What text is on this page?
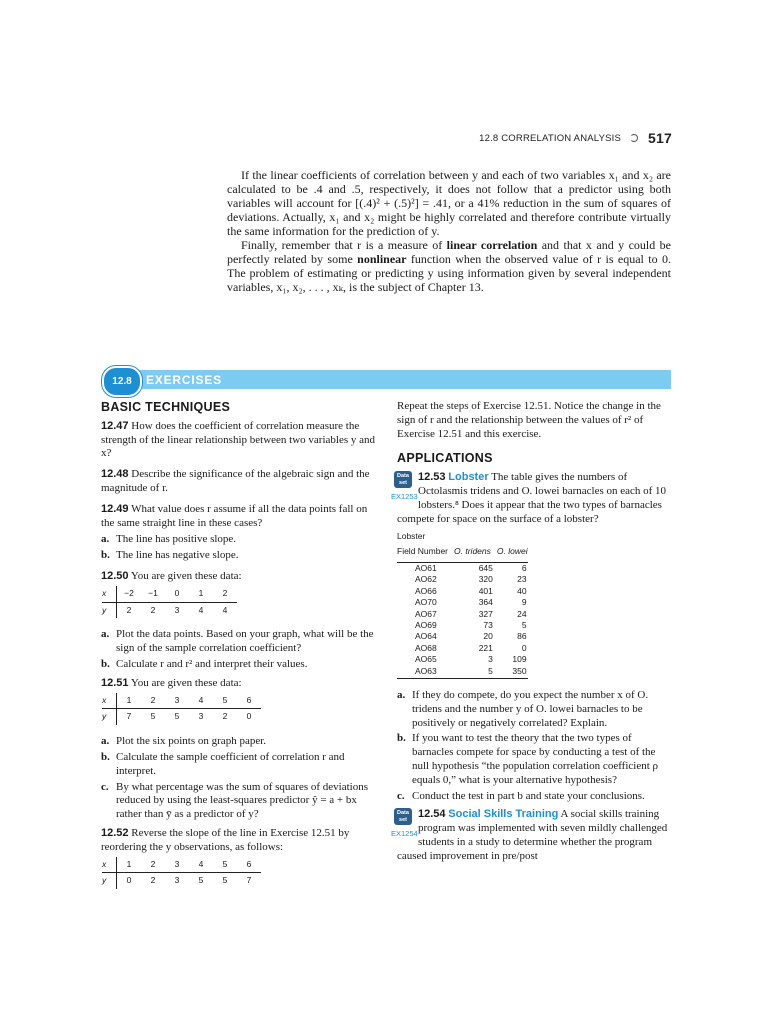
12.8 CORRELATION ANALYSIS 517

If the linear coefficients of correlation between y and each of two variables x₁ and x₂ are calculated to be .4 and .5, respectively, it does not follow that a predictor using both variables will account for [(.4)² + (.5)²] = .41, or a 41% reduction in the sum of squares of deviations. Actually, x₁ and x₂ might be highly correlated and therefore contribute virtually the same information for the prediction of y.

Finally, remember that r is a measure of linear correlation and that x and y could be perfectly related by some nonlinear function when the observed value of r is equal to 0. The problem of estimating or predicting y using information given by several independent variables, x₁, x₂, . . . , xₖ, is the subject of Chapter 13.

12.8	EXERCISES
BASIC TECHNIQUES

12.47 How does the coefficient of correlation measure the strength of the linear relationship between two variables y and x?

12.48 Describe the significance of the algebraic sign and the magnitude of r.

12.49 What value does r assume if all the data points fall on the same straight line in these cases?

a. The line has positive slope.
b. The line has negative slope.

12.50 You are given these data:

x	−2	−1	0	1	2
y	2	2	3	4	4
a. Plot the data points. Based on your graph, what will be the sign of the sample correlation coefficient?
b. Calculate r and r² and interpret their values.

12.51 You are given these data:

x	1	2	3	4	5	6
y	7	5	5	3	2	0
a. Plot the six points on graph paper.
b. Calculate the sample coefficient of correlation r and interpret.
c. By what percentage was the sum of squares of deviations reduced by using the least-squares predictor ŷ = a + bx rather than ȳ as a predictor of y?

12.52 Reverse the slope of the line in Exercise 12.51 by reordering the y observations, as follows:

x	1	2	3	4	5	6
y	0	2	3	5	5	7

Repeat the steps of Exercise 12.51. Notice the change in the sign of r and the relationship between the values of r² of Exercise 12.51 and this exercise.

APPLICATIONS

Data set
EX1253
12.53 Lobster The table gives the numbers of Octolasmis tridens and O. lowei barnacles on each of 10 lobsters.⁸ Does it appear that the two types of barnacles compete for space on the surface of a lobster?

Lobster		
Field Number	O. tridens	O. lowei
AO61	645	6
AO62	320	23
AO66	401	40
AO70	364	9
AO67	327	24
AO69	73	5
AO64	20	86
AO68	221	0
AO65	3	109
AO63	5	350
a. If they do compete, do you expect the number x of O. tridens and the number y of O. lowei barnacles to be positively or negatively correlated? Explain.
b. If you want to test the theory that the two types of barnacles compete for space by conducting a test of the null hypothesis “the population correlation coefficient ρ equals 0,” what is your alternative hypothesis?
c. Conduct the test in part b and state your conclusions.

Data set
EX1254
12.54 Social Skills Training A social skills training program was implemented with seven mildly challenged students in a study to determine whether the program caused improvement in pre/post
